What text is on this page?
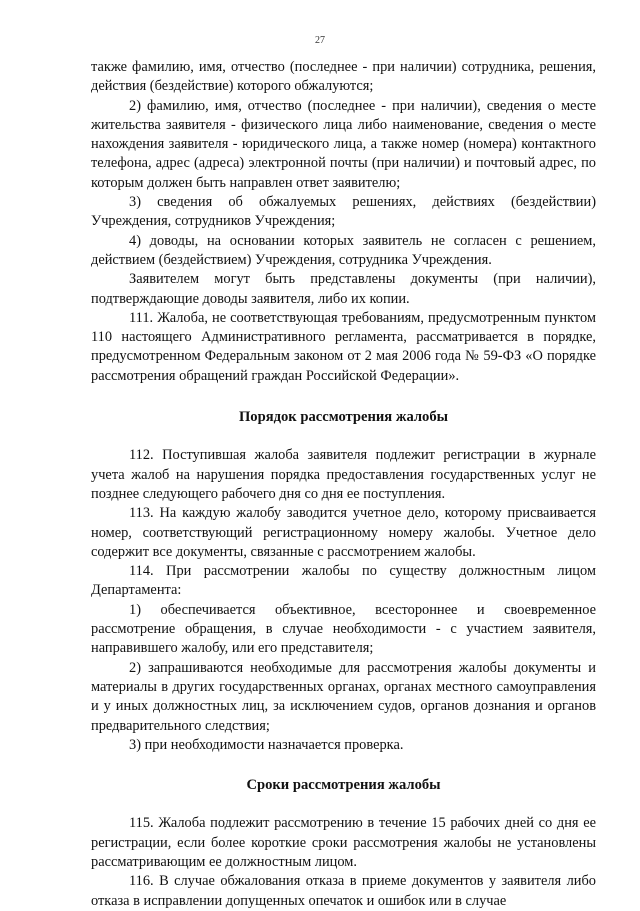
27

также фамилию, имя, отчество (последнее - при наличии) сотрудника, решения, действия (бездействие) которого обжалуются;

2) фамилию, имя, отчество (последнее - при наличии), сведения о месте жительства заявителя - физического лица либо наименование, сведения о месте нахождения заявителя - юридического лица, а также номер (номера) контактного телефона, адрес (адреса) электронной почты (при наличии) и почтовый адрес, по которым должен быть направлен ответ заявителю;

3) сведения об обжалуемых решениях, действиях (бездействии) Учреждения, сотрудников Учреждения;

4) доводы, на основании которых заявитель не согласен с решением, действием (бездействием) Учреждения, сотрудника Учреждения.

Заявителем могут быть представлены документы (при наличии), подтверждающие доводы заявителя, либо их копии.

111. Жалоба, не соответствующая требованиям, предусмотренным пунктом 110 настоящего Административного регламента, рассматривается в порядке, предусмотренном Федеральным законом от 2 мая 2006 года № 59-ФЗ «О порядке рассмотрения обращений граждан Российской Федерации».

Порядок рассмотрения жалобы

112. Поступившая жалоба заявителя подлежит регистрации в журнале учета жалоб на нарушения порядка предоставления государственных услуг не позднее следующего рабочего дня со дня ее поступления.

113. На каждую жалобу заводится учетное дело, которому присваивается номер, соответствующий регистрационному номеру жалобы. Учетное дело содержит все документы, связанные с рассмотрением жалобы.

114. При рассмотрении жалобы по существу должностным лицом Департамента:

1) обеспечивается объективное, всестороннее и своевременное рассмотрение обращения, в случае необходимости - с участием заявителя, направившего жалобу, или его представителя;

2) запрашиваются необходимые для рассмотрения жалобы документы и материалы в других государственных органах, органах местного самоуправления и у иных должностных лиц, за исключением судов, органов дознания и органов предварительного следствия;

3) при необходимости назначается проверка.

Сроки рассмотрения жалобы

115. Жалоба подлежит рассмотрению в течение 15 рабочих дней со дня ее регистрации, если более короткие сроки рассмотрения жалобы не установлены рассматривающим ее должностным лицом.

116. В случае обжалования отказа в приеме документов у заявителя либо отказа в исправлении допущенных опечаток и ошибок или в случае
